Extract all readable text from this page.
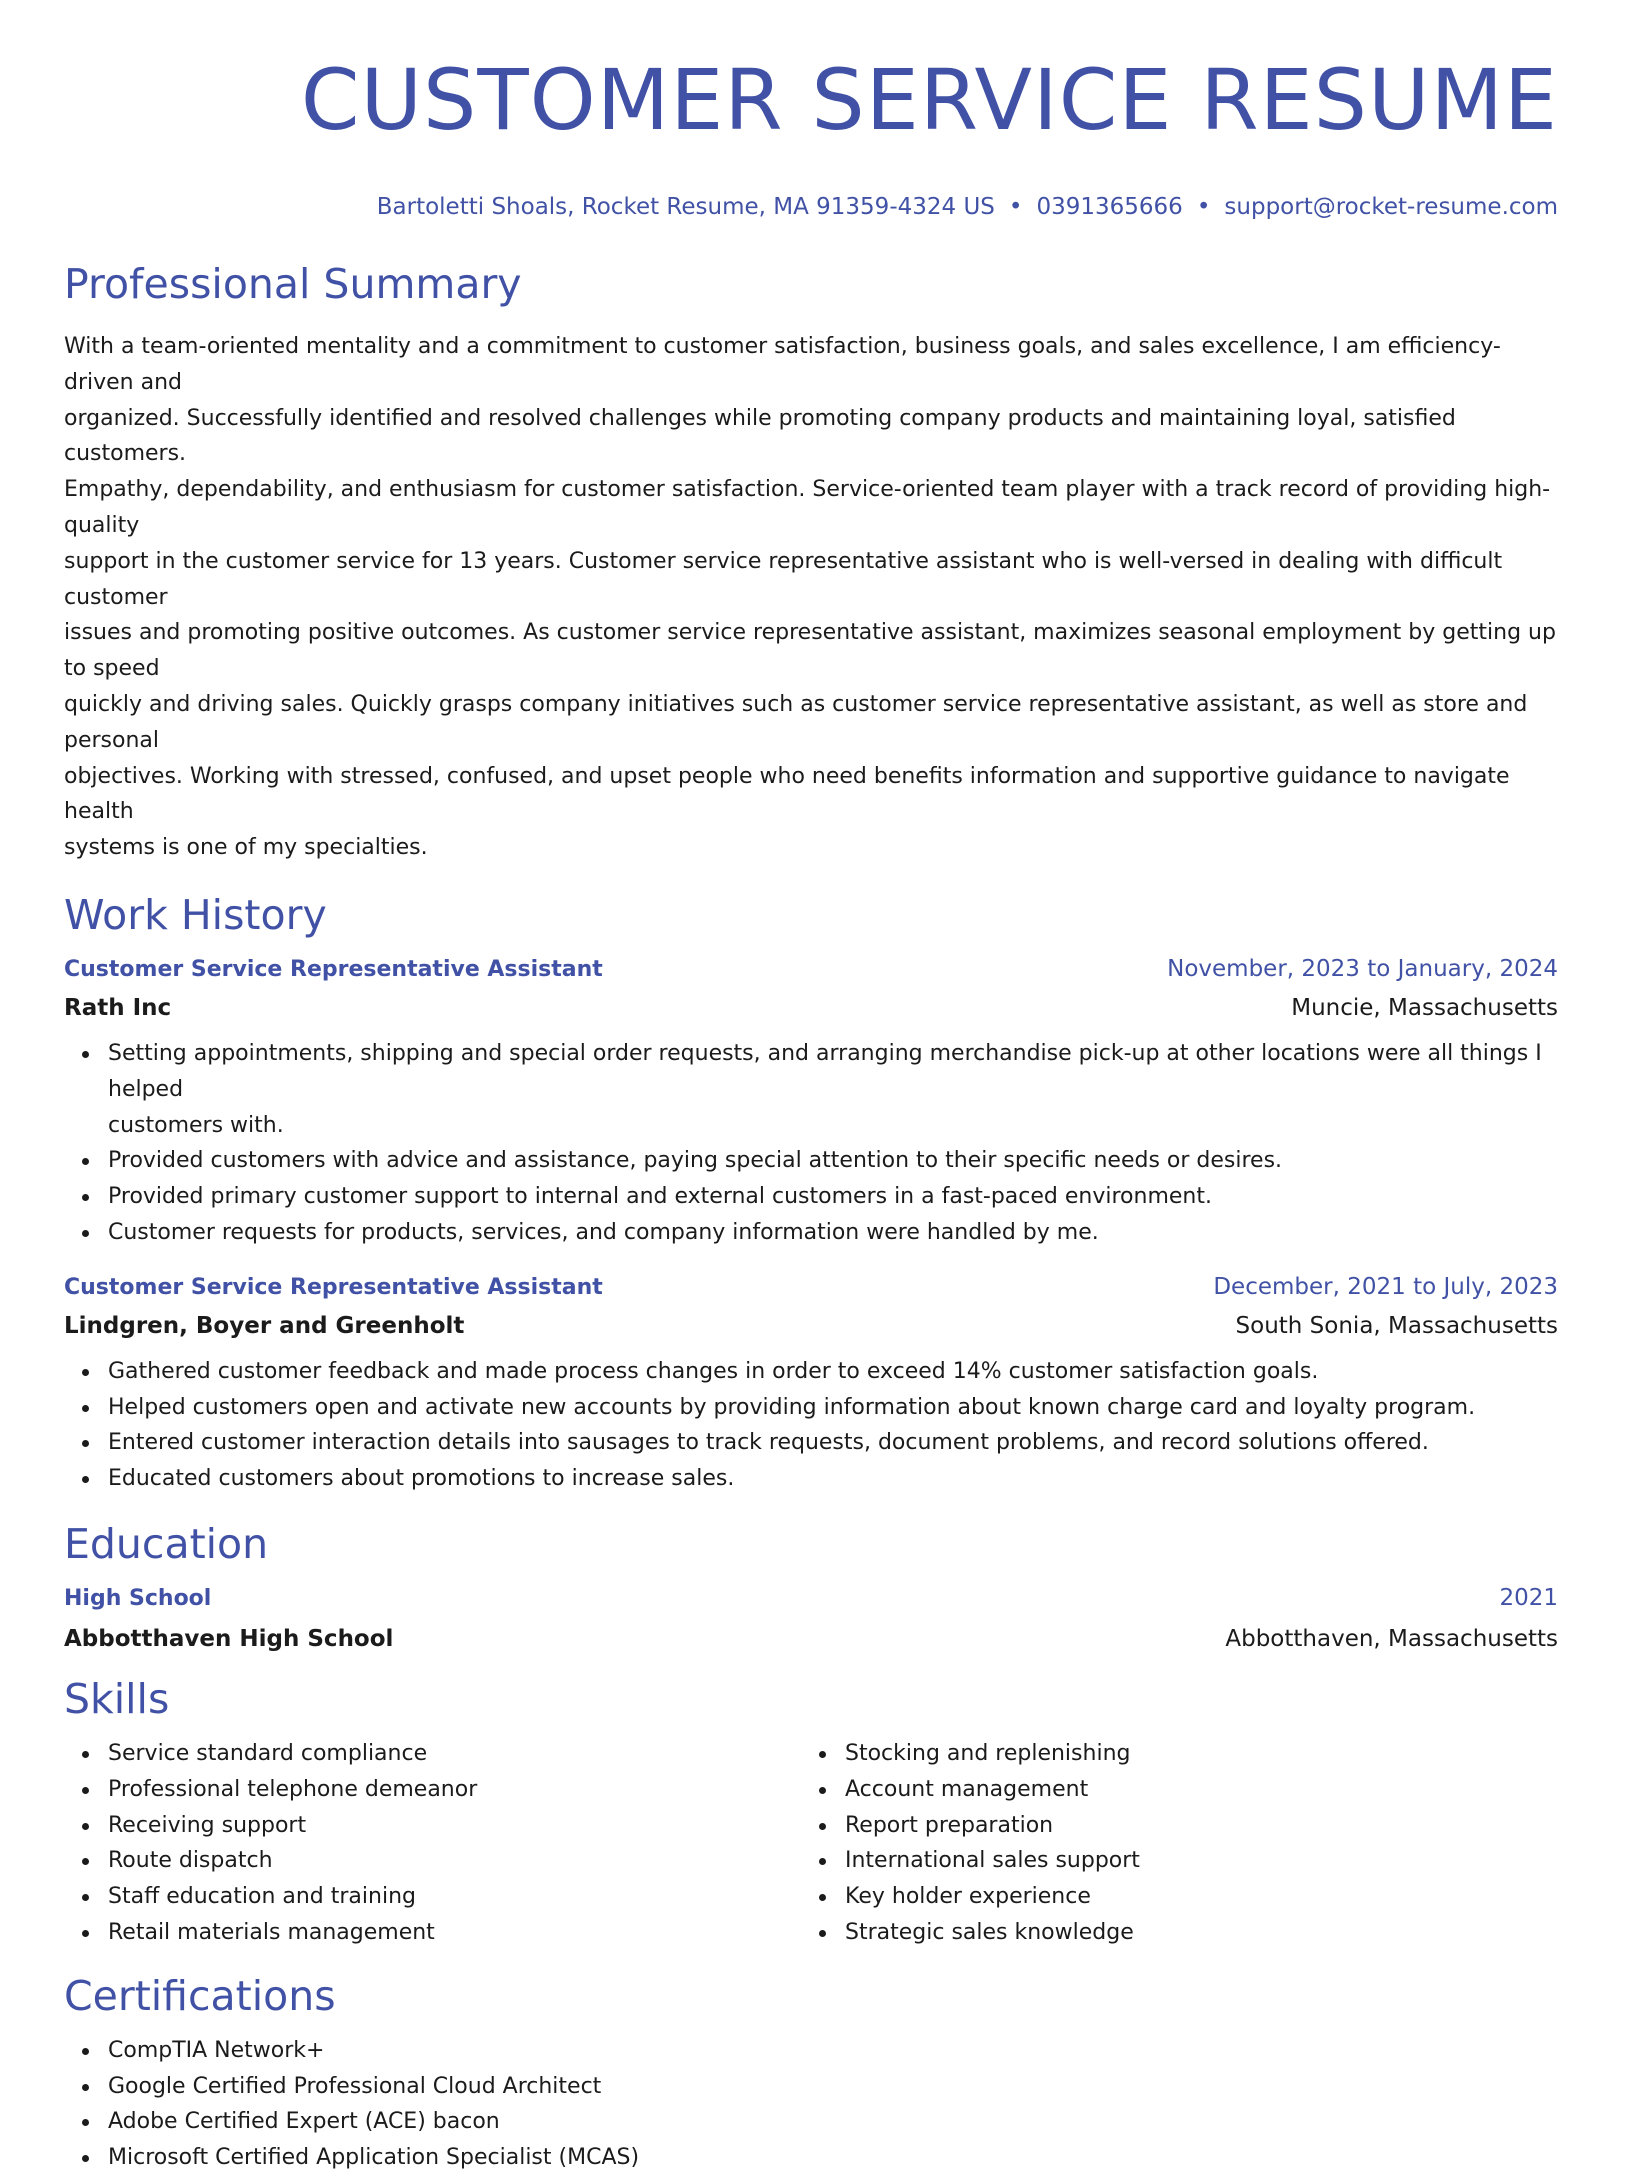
CUSTOMER SERVICE RESUME
Bartoletti Shoals, Rocket Resume, MA 91359-4324 US • 0391365666 • support@rocket-resume.com
Professional Summary
With a team-oriented mentality and a commitment to customer satisfaction, business goals, and sales excellence, I am efficiency-driven and
organized. Successfully identified and resolved challenges while promoting company products and maintaining loyal, satisfied customers.
Empathy, dependability, and enthusiasm for customer satisfaction. Service-oriented team player with a track record of providing high-quality
support in the customer service for 13 years. Customer service representative assistant who is well-versed in dealing with difficult customer
issues and promoting positive outcomes. As customer service representative assistant, maximizes seasonal employment by getting up to speed
quickly and driving sales. Quickly grasps company initiatives such as customer service representative assistant, as well as store and personal
objectives. Working with stressed, confused, and upset people who need benefits information and supportive guidance to navigate health
systems is one of my specialties.
Work History
Customer Service Representative Assistant	November, 2023 to January, 2024
Rath Inc	Muncie, Massachusetts
Setting appointments, shipping and special order requests, and arranging merchandise pick-up at other locations were all things I helped
customers with.
Provided customers with advice and assistance, paying special attention to their specific needs or desires.
Provided primary customer support to internal and external customers in a fast-paced environment.
Customer requests for products, services, and company information were handled by me.
Customer Service Representative Assistant	December, 2021 to July, 2023
Lindgren, Boyer and Greenholt	South Sonia, Massachusetts
Gathered customer feedback and made process changes in order to exceed 14% customer satisfaction goals.
Helped customers open and activate new accounts by providing information about known charge card and loyalty program.
Entered customer interaction details into sausages to track requests, document problems, and record solutions offered.
Educated customers about promotions to increase sales.
Education
High School	2021
Abbotthaven High School	Abbotthaven, Massachusetts
Skills
Service standard compliance
Professional telephone demeanor
Receiving support
Route dispatch
Staff education and training
Retail materials management
Stocking and replenishing
Account management
Report preparation
International sales support
Key holder experience
Strategic sales knowledge
Certifications
CompTIA Network+
Google Certified Professional Cloud Architect
Adobe Certified Expert (ACE) bacon
Microsoft Certified Application Specialist (MCAS)
